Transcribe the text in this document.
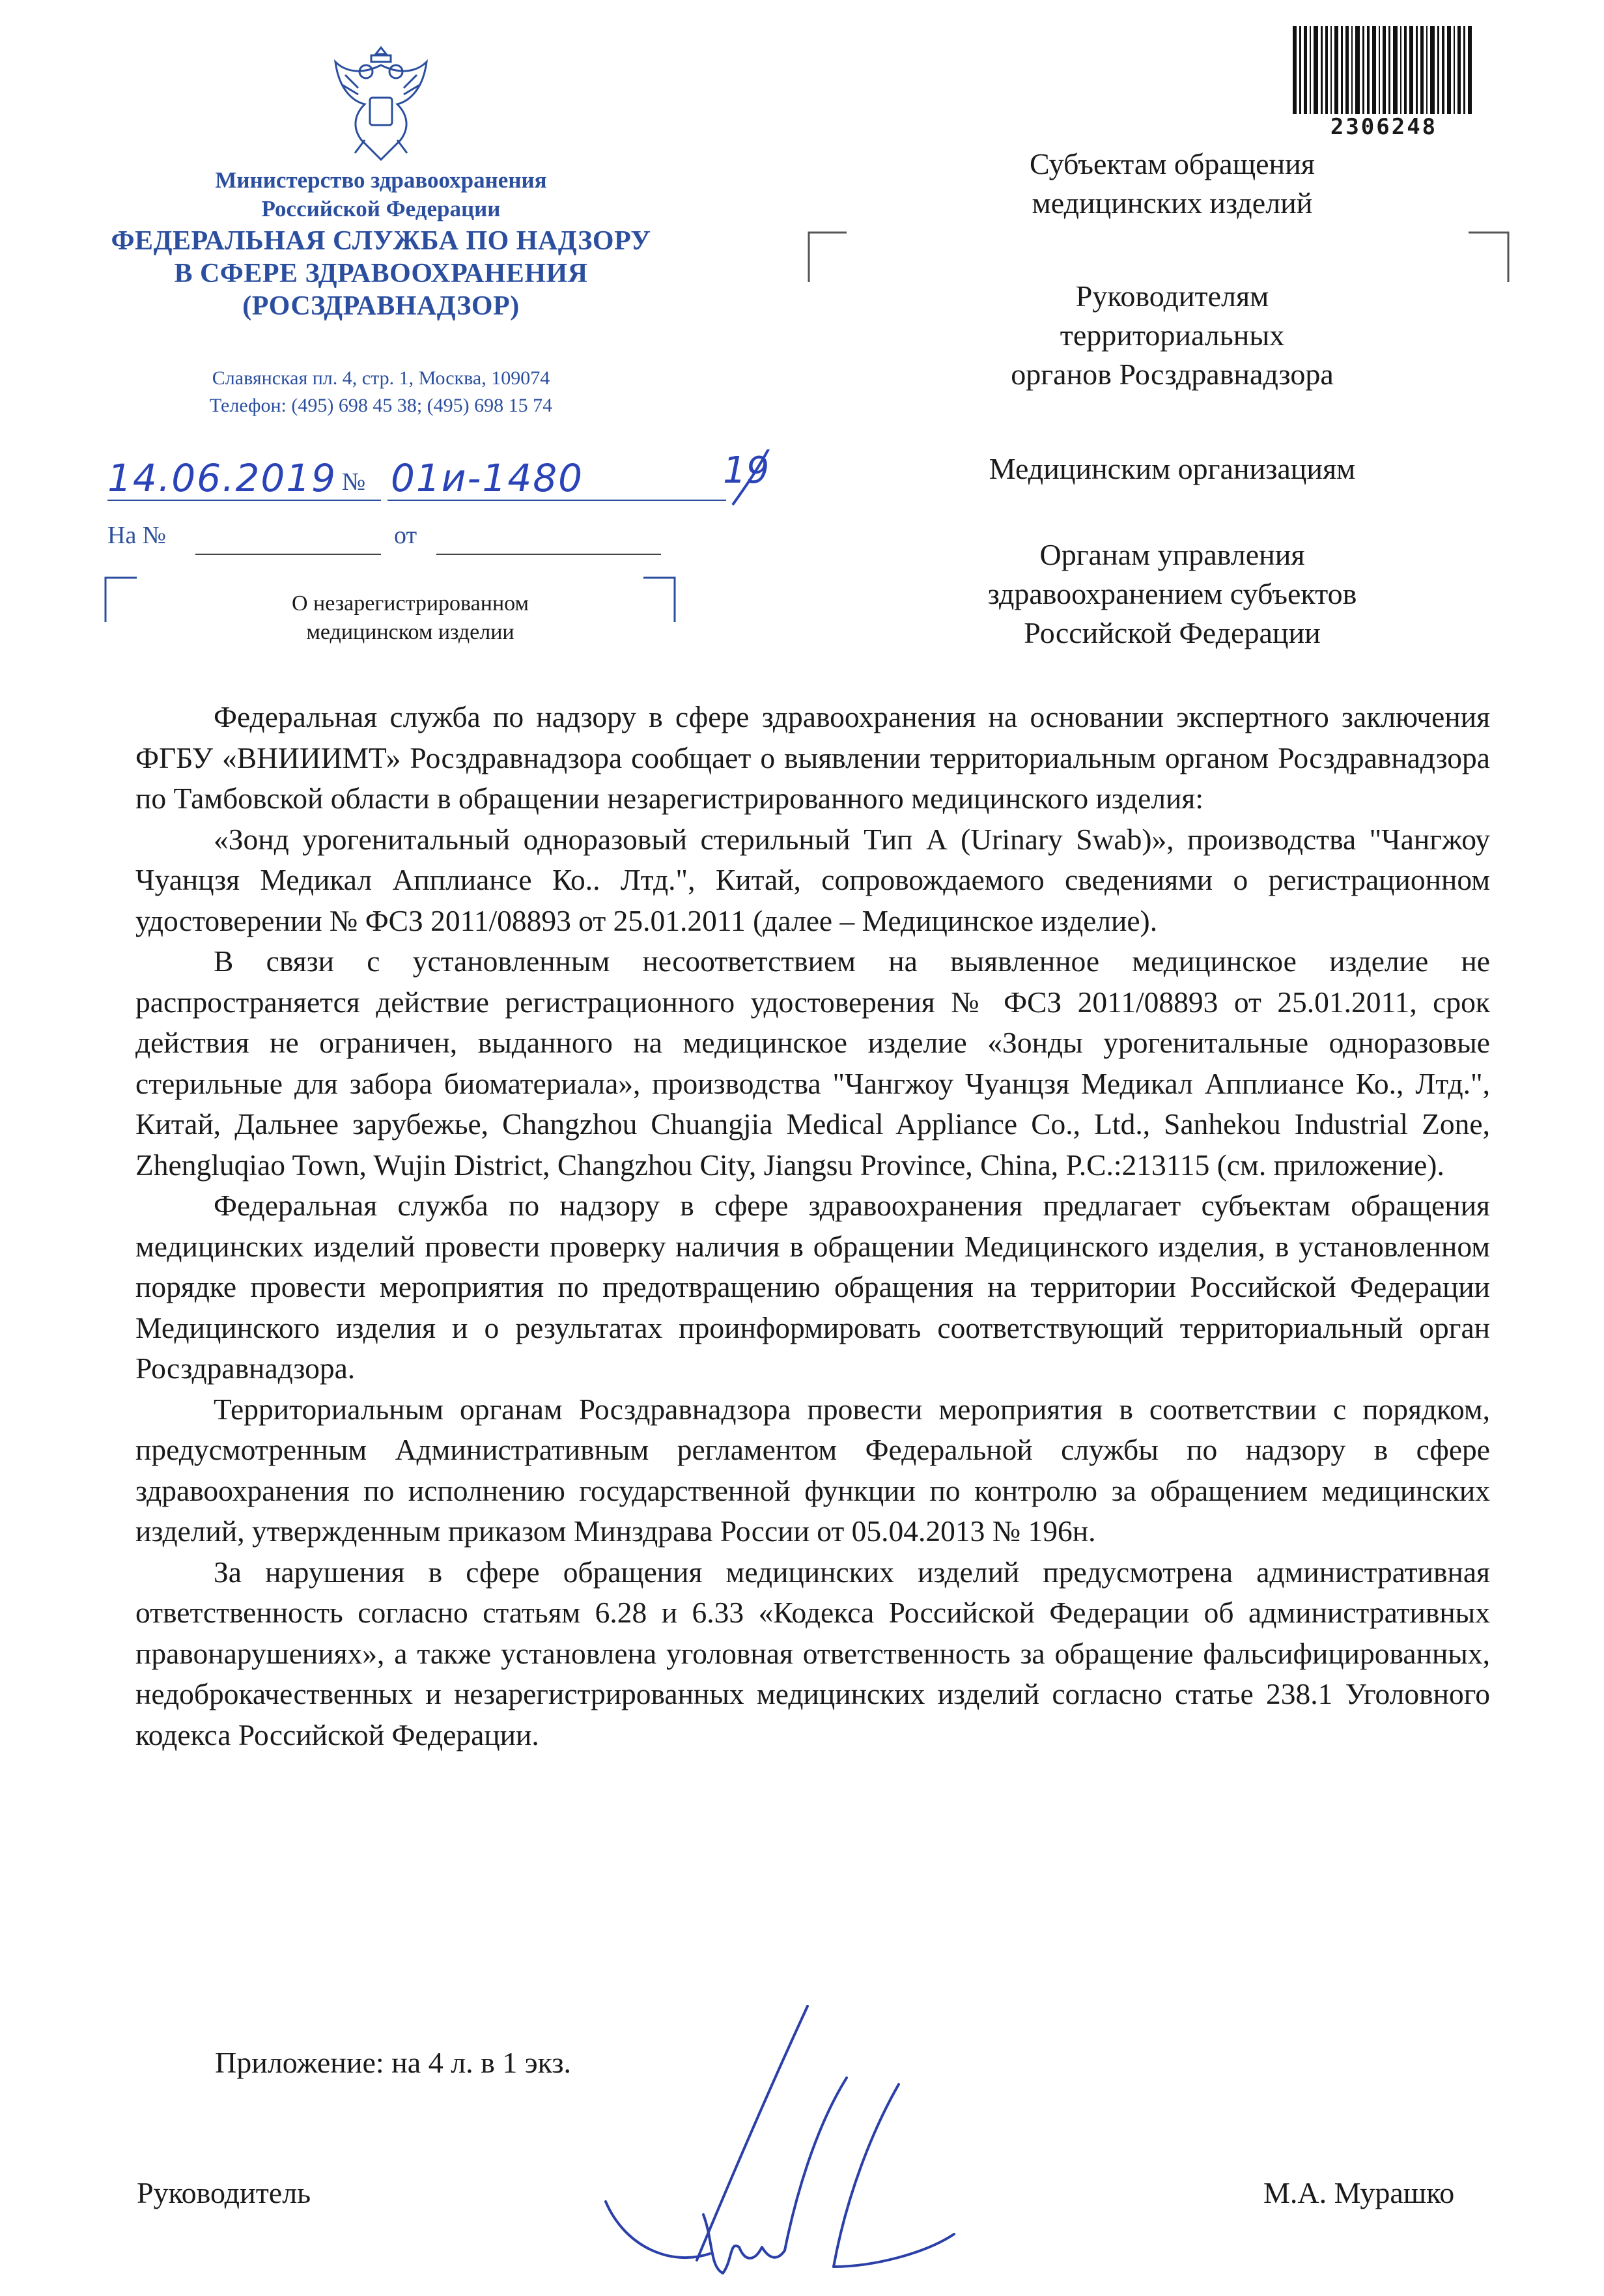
Министерство здравоохранения
Российской Федерации
ФЕДЕРАЛЬНАЯ СЛУЖБА ПО НАДЗОРУ
В СФЕРЕ ЗДРАВООХРАНЕНИЯ
(РОСЗДРАВНАДЗОР)
Славянская пл. 4, стр. 1, Москва, 109074
Телефон: (495) 698 45 38; (495) 698 15 74
14.06.2019 № 01и-1480	19
На №	от
О незарегистрированном
медицинском изделии
2306248
Субъектам обращения
медицинских изделий
Руководителям
территориальных
органов Росздравнадзора
Медицинским организациям
Органам управления
здравоохранением субъектов
Российской Федерации

Федеральная служба по надзору в сфере здравоохранения на основании экспертного заключения ФГБУ «ВНИИИМТ» Росздравнадзора сообщает о выявлении территориальным органом Росздравнадзора по Тамбовской области в обращении незарегистрированного медицинского изделия:

«Зонд урогенитальный одноразовый стерильный Тип А (Urinary Swab)», производства "Чангжоу Чуанцзя Медикал Апплиансе Ко.. Лтд.", Китай, сопровождаемого сведениями о регистрационном удостоверении № ФСЗ 2011/08893 от 25.01.2011 (далее – Медицинское изделие).

В связи с установленным несоответствием на выявленное медицинское изделие не распространяется действие регистрационного удостоверения № ФСЗ 2011/08893 от 25.01.2011, срок действия не ограничен, выданного на медицинское изделие «Зонды урогенитальные одноразовые стерильные для забора биоматериала», производства "Чангжоу Чуанцзя Медикал Апплиансе Ко., Лтд.", Китай, Дальнее зарубежье, Changzhou Chuangjia Medical Appliance Co., Ltd., Sanhekou Industrial Zone, Zhengluqiao Town, Wujin District, Changzhou City, Jiangsu Province, China, P.C.:213115 (см. приложение).

Федеральная служба по надзору в сфере здравоохранения предлагает субъектам обращения медицинских изделий провести проверку наличия в обращении Медицинского изделия, в установленном порядке провести мероприятия по предотвращению обращения на территории Российской Федерации Медицинского изделия и о результатах проинформировать соответствующий территориальный орган Росздравнадзора.

Территориальным органам Росздравнадзора провести мероприятия в соответствии с порядком, предусмотренным Административным регламентом Федеральной службы по надзору в сфере здравоохранения по исполнению государственной функции по контролю за обращением медицинских изделий, утвержденным приказом Минздрава России от 05.04.2013 № 196н.

За нарушения в сфере обращения медицинских изделий предусмотрена административная ответственность согласно статьям 6.28 и 6.33 «Кодекса Российской Федерации об административных правонарушениях», а также установлена уголовная ответственность за обращение фальсифицированных, недоброкачественных и незарегистрированных медицинских изделий согласно статье 238.1 Уголовного кодекса Российской Федерации.

Приложение: на 4 л. в 1 экз.
Руководитель	М.А. Мурашко
